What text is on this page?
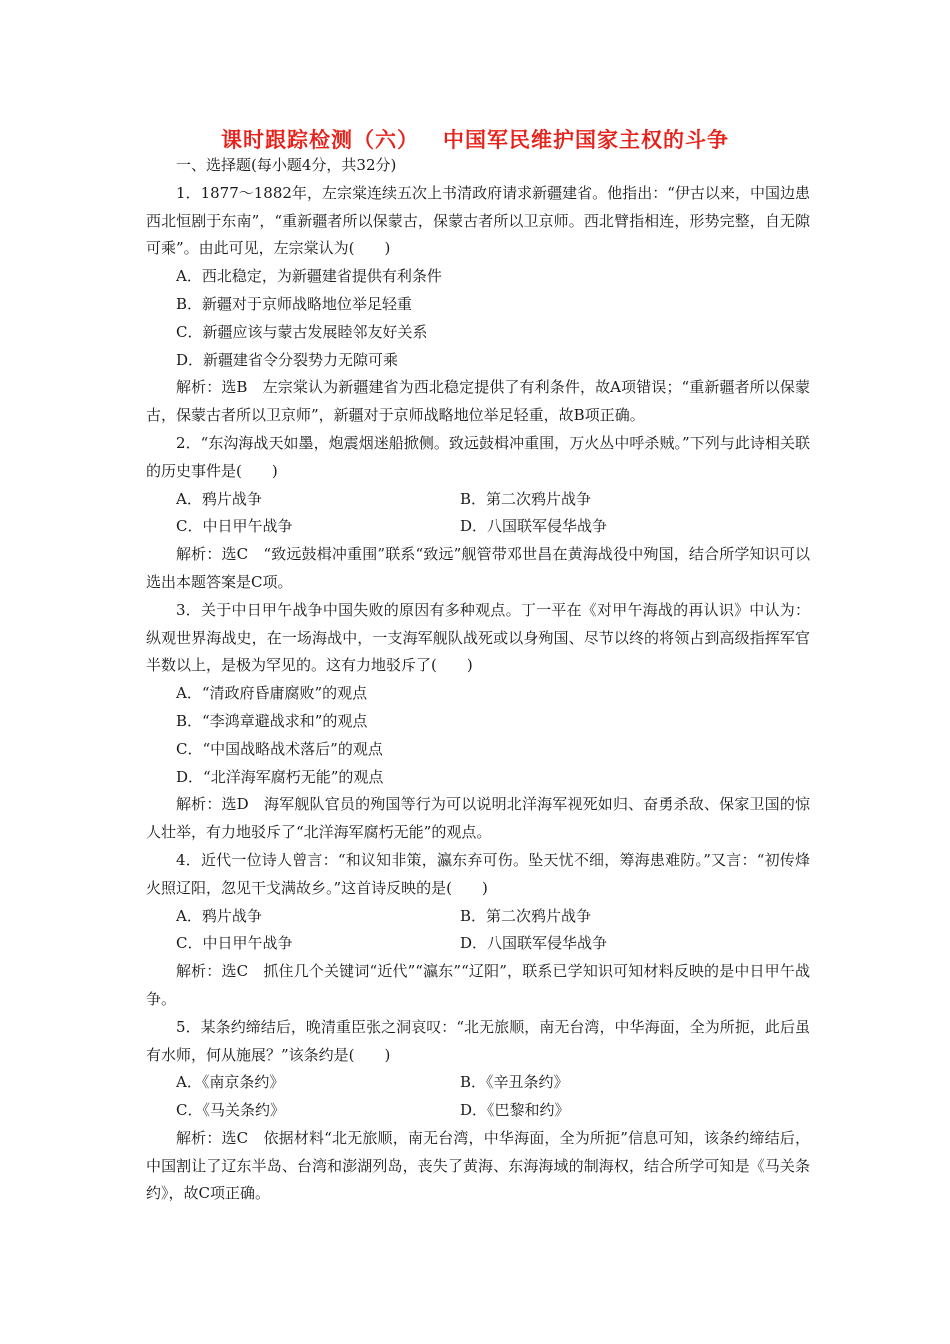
课时跟踪检测（六） 中国军民维护国家主权的斗争

一、选择题(每小题4分，共32分)

1．1877～1882年，左宗棠连续五次上书清政府请求新疆建省。他指出：“伊古以来，中国边患西北恒剧于东南”，“重新疆者所以保蒙古，保蒙古者所以卫京师。西北臂指相连，形势完整，自无隙可乘”。由此可见，左宗棠认为(　　)

A．西北稳定，为新疆建省提供有利条件

B．新疆对于京师战略地位举足轻重

C．新疆应该与蒙古发展睦邻友好关系

D．新疆建省令分裂势力无隙可乘

解析：选B　左宗棠认为新疆建省为西北稳定提供了有利条件，故A项错误；“重新疆者所以保蒙古，保蒙古者所以卫京师”，新疆对于京师战略地位举足轻重，故B项正确。

2．“东沟海战天如墨，炮震烟迷船掀侧。致远鼓楫冲重围，万火丛中呼杀贼。”下列与此诗相关联的历史事件是(　　)

A．鸦片战争	B．第二次鸦片战争
C．中日甲午战争	D．八国联军侵华战争

解析：选C　“致远鼓楫冲重围”联系“致远”舰管带邓世昌在黄海战役中殉国，结合所学知识可以选出本题答案是C项。

3．关于中日甲午战争中国失败的原因有多种观点。丁一平在《对甲午海战的再认识》中认为：纵观世界海战史，在一场海战中，一支海军舰队战死或以身殉国、尽节以终的将领占到高级指挥军官半数以上，是极为罕见的。这有力地驳斥了(　　)

A．“清政府昏庸腐败”的观点

B．“李鸿章避战求和”的观点

C．“中国战略战术落后”的观点

D．“北洋海军腐朽无能”的观点

解析：选D　海军舰队官员的殉国等行为可以说明北洋海军视死如归、奋勇杀敌、保家卫国的惊人壮举，有力地驳斥了“北洋海军腐朽无能”的观点。

4．近代一位诗人曾言：“和议知非策，瀛东弃可伤。坠天忧不细，筹海患难防。”又言：“初传烽火照辽阳，忽见干戈满故乡。”这首诗反映的是(　　)

A．鸦片战争	B．第二次鸦片战争
C．中日甲午战争	D．八国联军侵华战争

解析：选C　抓住几个关键词“近代”“瀛东”“辽阳”，联系已学知识可知材料反映的是中日甲午战争。

5．某条约缔结后，晚清重臣张之洞哀叹：“北无旅顺，南无台湾，中华海面，全为所扼，此后虽有水师，何从施展？”该条约是(　　)

A．《南京条约》	B．《辛丑条约》
C．《马关条约》	D．《巴黎和约》

解析：选C　依据材料“北无旅顺，南无台湾，中华海面，全为所扼”信息可知，该条约缔结后，中国割让了辽东半岛、台湾和澎湖列岛，丧失了黄海、东海海域的制海权，结合所学可知是《马关条约》，故C项正确。
